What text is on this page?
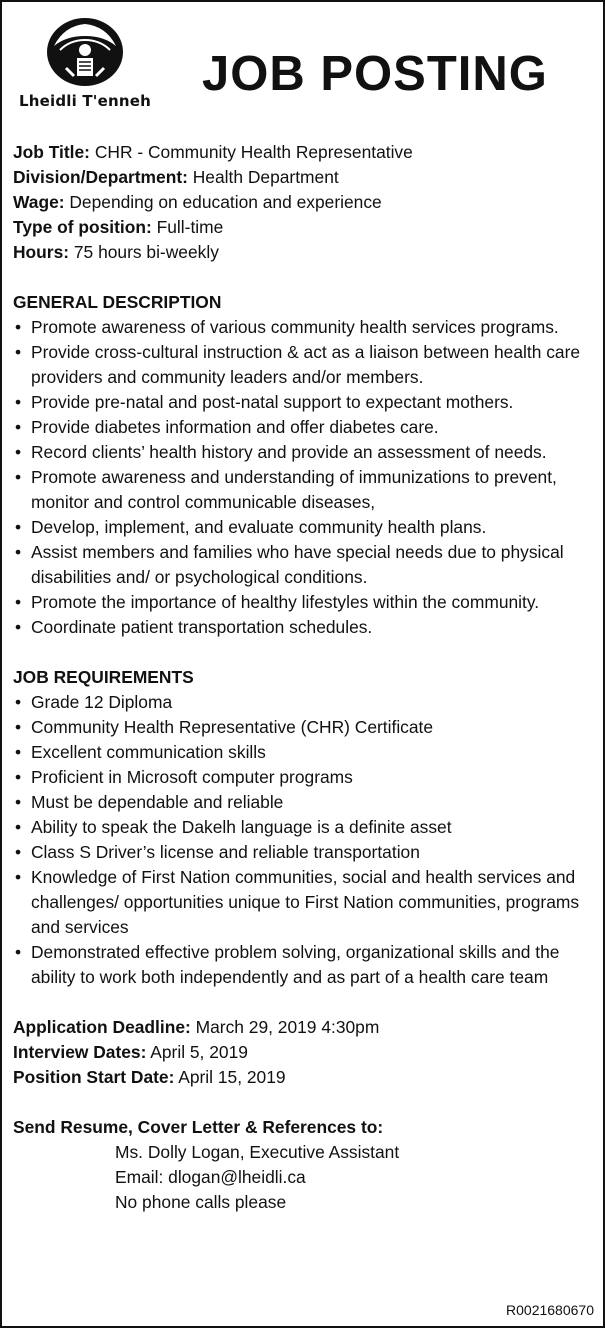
Lheidli T'enneh JOB POSTING
Job Title: CHR - Community Health Representative
Division/Department: Health Department
Wage: Depending on education and experience
Type of position: Full-time
Hours: 75 hours bi-weekly
GENERAL DESCRIPTION
• Promote awareness of various community health services programs.
• Provide cross-cultural instruction & act as a liaison between health care providers and community leaders and/or members.
• Provide pre-natal and post-natal support to expectant mothers.
• Provide diabetes information and offer diabetes care.
• Record clients’ health history and provide an assessment of needs.
• Promote awareness and understanding of immunizations to prevent, monitor and control communicable diseases,
• Develop, implement, and evaluate community health plans.
• Assist members and families who have special needs due to physical disabilities and/ or psychological conditions.
• Promote the importance of healthy lifestyles within the community.
• Coordinate patient transportation schedules.
JOB REQUIREMENTS
• Grade 12 Diploma
• Community Health Representative (CHR) Certificate
• Excellent communication skills
• Proficient in Microsoft computer programs
• Must be dependable and reliable
• Ability to speak the Dakelh language is a definite asset
• Class S Driver’s license and reliable transportation
• Knowledge of First Nation communities, social and health services and challenges/ opportunities unique to First Nation communities, programs and services
• Demonstrated effective problem solving, organizational skills and the ability to work both independently and as part of a health care team
Application Deadline: March 29, 2019 4:30pm
Interview Dates: April 5, 2019
Position Start Date: April 15, 2019
Send Resume, Cover Letter & References to:
Ms. Dolly Logan, Executive Assistant
Email: dlogan@lheidli.ca
No phone calls please
R0021680670
